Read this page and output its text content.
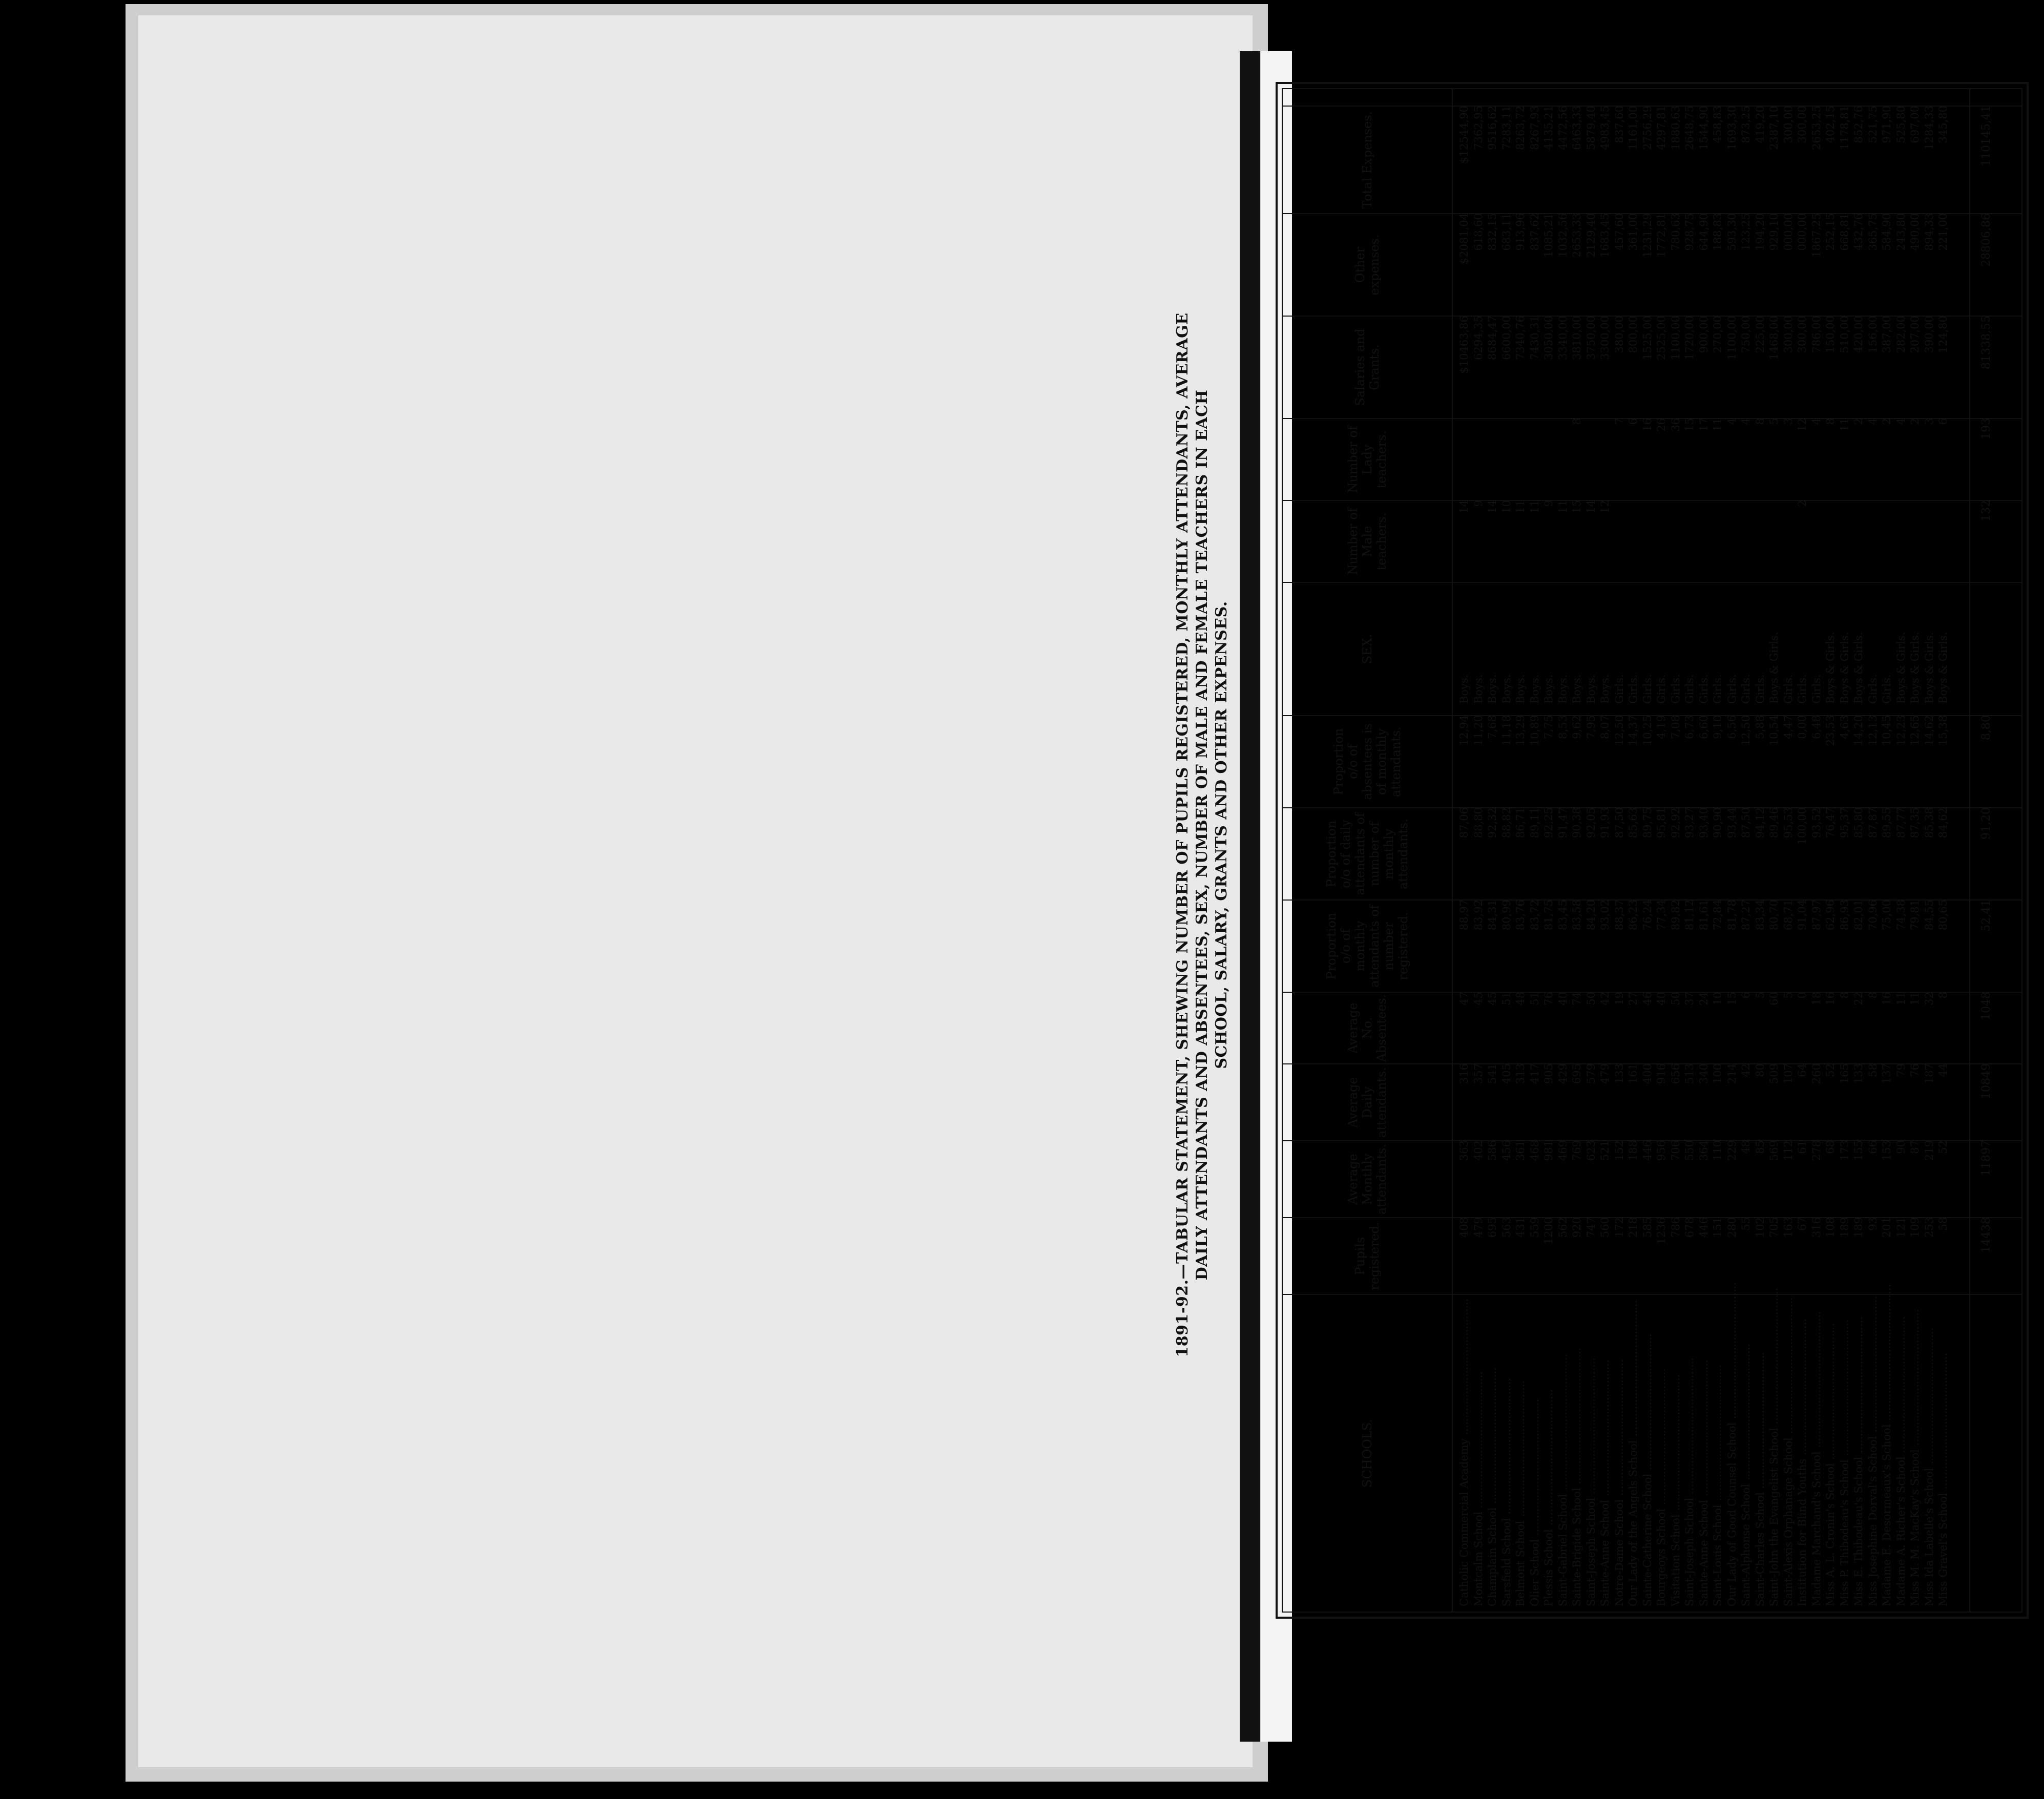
1891-92.—TABULAR STATEMENT, SHEWING NUMBER OF PUPILS REGISTERED, MONTHLY ATTENDANTS, AVERAGE DAILY ATTENDANTS AND ABSENTEES, SEX, NUMBER OF MALE AND FEMALE TEACHERS IN EACH SCHOOL, SALARY, GRANTS AND OTHER EXPENSES.
SCHOOLS.
Pupils registered.
Average Monthly attendants.
Average Daily attendants.
Average No. Absentees.
Proportion o/o of monthly attendants of number registered.
Proportion o/o of daily attendants of number of monthly attendants.
Proportion o/o of absentees is of monthly attendants.
SEX.
Number of Male teachers.
Number of Lady teachers.
Salaries and Grants.
Other expenses.
Total Expenses.
Catholic Commercial Academy ........................................
408
363
316
47
88,97
87,06
12,94
Boys.
14
$10463,86
$2081,04
$12544,90
Montcalm School ........................................
479
402
357
45
83,92
88,80
11,20
Boys.
9
6294,35
618,60
7362,95
Champlain School ........................................
695
586
541
45
84,31
92,32
7,68
Boys.
14
8684,47
832,15
9516,62
Sarsfield School ........................................
563
456
405
51
80,99
88,82
11,18
Boys.
10
6600,00
683,11
7283,11
Belmont School ........................................
431
361
313
48
83,76
86,71
13,29
Boys.
11
7340,76
913,96
8263,72
Olier School ........................................
559
468
417
51
83,72
89,11
10,89
Boys.
11
7430,31
837,62
8267,93
Plessis School ........................................
1200
981
905
76
81,75
92,25
7,75
Boys.
9
3050,00
1085,21
4135,21
Saint-Gabriel School ........................................
562
469
429
40
83,45
91,47
8,53
Boys.
11
3340,00
1032,56
4472,56
Sainte-Brigide School ........................................
920
769
695
74
83,58
90,38
9,62
Boys.
15
8
3810,00
2653,33
6463,33
Saint-Joseph School ........................................
747
623
579
50
84,20
92,05
7,95
Boys.
14
3750,00
2129,40
5879,40
Sainte-Anne School ........................................
560
521
479
42
93,02
91,93
8,07
Boys.
12
3300,00
1683,45
4983,45
Notre-Dame School ........................................
172
152
133
19
88,37
87,50
12,50
Girls.
7
380,00
457,60
837,60
Our Lady of the Angels School ........................................
218
188
161
27
86,23
85,63
14,37
Girls.
6
800,00
361,00
1161,00
Sainte-Catherine School ........................................
585
446
400
46
76,24
89,75
10,25
Girls.
16
1525,00
1231,29
2756,29
Bourgeoys School ........................................
1236
956
916
40
77,34
95,81
4,19
Girls.
26
2525,00
1772,81
4297,81
Visitation School ........................................
786
706
656
50
89,82
92,92
7,08
Girls.
36
1100,00
780,63
1880,63
Saint-Joseph School ........................................
678
550
513
37
81,12
93,27
6,73
Girls.
15
1720,00
928,75
2648,75
Sainte-Anne School ........................................
446
364
340
24
81,61
93,40
6,60
Girls.
17
900,00
644,90
1544,90
Saint-Louis School ........................................
151
110
100
10
72,84
90,90
9,10
Girls.
11
270,00
188,83
458,83
Our Lady of Good Counsel School ........................................
280
229
214
15
81,78
93,44
6,56
Girls.
4
1100,00
593,30
1693,30
Saint-Alphonse School ........................................
55
48
42
6
87,27
87,50
12,50
Girls.
4
750,00
123,25
873,25
Saint-Charles School ........................................
102
85
80
5
83,34
94,12
5,88
Girls.
8
225,00
194,20
419,20
Saint-John the Evangelist School ........................................
705
569
509
60
80,70
89,46
10,54
Boys & Girls.
5
1468,00
929,10
2387,10
Saint-Alexis Orphanage School ........................................
163
112
107
5
68,71
95,53
4,47
Girls.
3
300,00
000,00
300,00
Institution for Blind Youths ........................................
67
61
64
0
91,04
100,00
0,00
Girls.
2
12
300,00
000,00
300,00
Madame Marchand's School ........................................
316
278
260
18
87,97
93,52
6,48
Girls.
4
786,00
1867,25
2653,25
Miss A. L. Cronin's School ........................................
108
68
52
16
62,96
76,47
23,53
Boys & Girls.
8
150,00
252,15
402,15
Miss P. Thibodeau's School ........................................
189
173
165
8
86,93
95,37
4,63
Boys & Girls.
11
510,00
668,81
1178,81
Miss E. Thibodeau's School ........................................
189
155
133
22
82,01
85,80
14,20
Boys & Girls.
2
420,00
432,76
852,76
Miss Josephine Dorval's School ........................................
93
66
58
8
70,96
87,87
12,13
Girls.
4
156,00
365,75
521,75
Madame E. Desormeaux's School ........................................
201
153
137
16
75,00
89,55
10,45
Girls.
2
387,00
584,90
971,90
Madame A. Richer's School ........................................
121
90
79
11
74,38
87,77
12,23
Boys & Girls.
4
282,00
243,80
525,80
Miss M. M. MacKay's School ........................................
109
87
76
11
79,81
87,35
12,65
Boys & Girls.
2
207,00
490,00
697,00
Miss Ida Labelle's School ........................................
253
219
187
32
84,55
85,38
14,62
Boys & Girls.
3
390,00
894,33
1284,33
Miss Gravel's School ........................................
58
52
44
8
80,65
84,62
15,38
Boys & Girls.
6
124,80
221,00
345,80
14438
11897
10849
1048
52,41
91,20
8,80
132
193
81338,55
28806,86
110145,41
